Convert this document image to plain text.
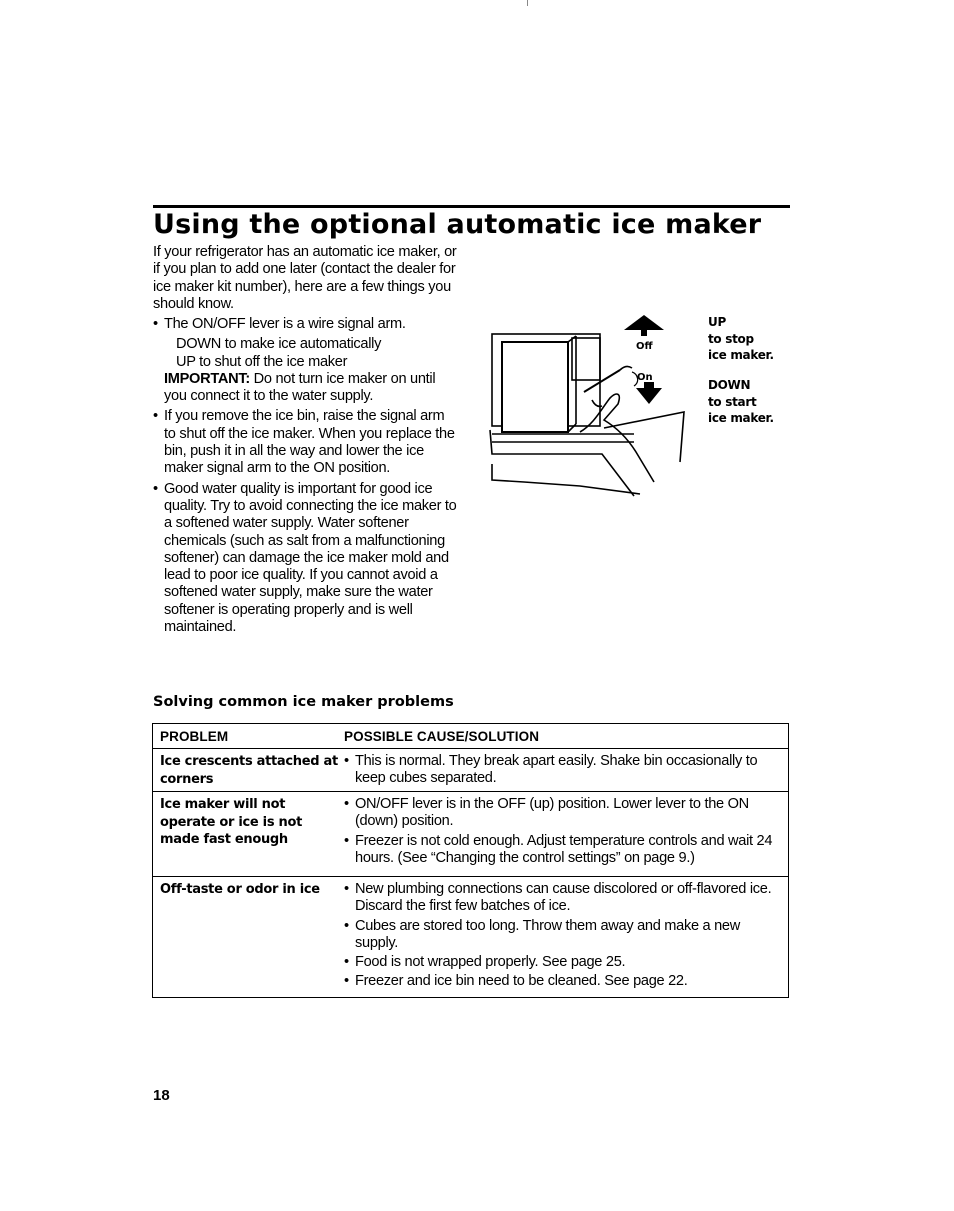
Using the optional automatic ice maker

If your refrigerator has an automatic ice maker, or if you plan to add one later (contact the dealer for ice maker kit number), here are a few things you should know.

• The ON/OFF lever is a wire signal arm.

DOWN to make ice automatically

UP to shut off the ice maker

IMPORTANT: Do not turn ice maker on until you connect it to the water supply.

• If you remove the ice bin, raise the signal arm to shut off the ice maker. When you replace the bin, push it in all the way and lower the ice maker signal arm to the ON position.

• Good water quality is important for good ice quality. Try to avoid connecting the ice maker to a softened water supply. Water softener chemicals (such as salt from a malfunctioning softener) can damage the ice maker mold and lead to poor ice quality. If you cannot avoid a softened water supply, make sure the water softener is operating properly and is well maintained.

Off
On
UP
to stop
ice maker.
DOWN
to start
ice maker.
Solving common ice maker problems
PROBLEM	POSSIBLE CAUSE/SOLUTION
Ice crescents attached at corners

• This is normal. They break apart easily. Shake bin occasionally to keep cubes separated.

Ice maker will not operate or ice is not made fast enough

• ON/OFF lever is in the OFF (up) position. Lower lever to the ON (down) position.

• Freezer is not cold enough. Adjust temperature controls and wait 24 hours. (See “Changing the control settings” on page 9.)

Off-taste or odor in ice

•	New plumbing connections can cause discolored or off-flavored ice. Discard the first few batches of ice.

• Cubes are stored too long. Throw them away and make a new supply.

• Food is not wrapped properly. See page 25.

• Freezer and ice bin need to be cleaned. See page 22.

18
